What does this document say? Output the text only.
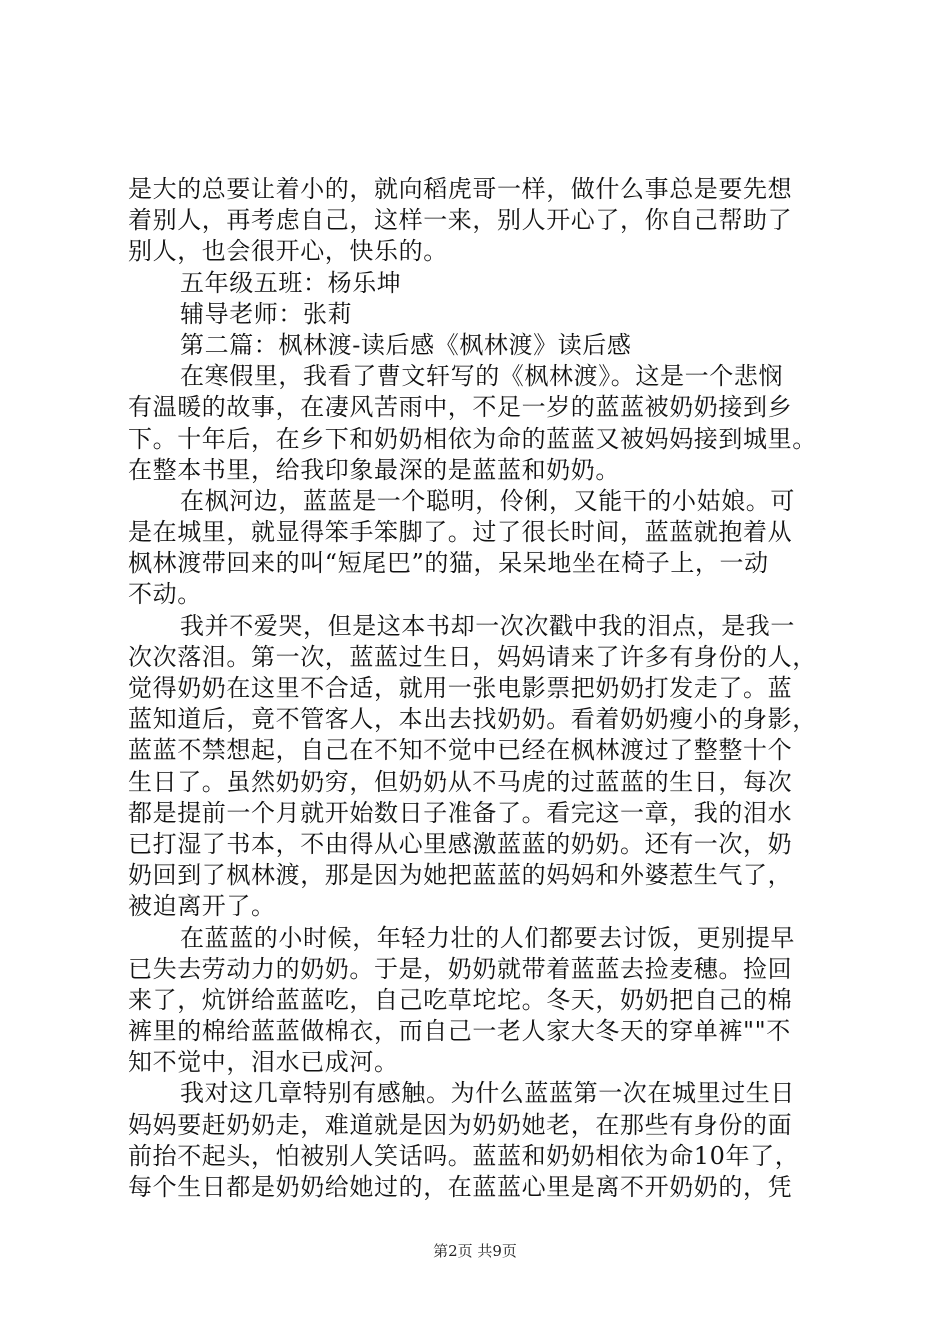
是大的总要让着小的，就向稻虎哥一样，做什么事总是要先想
着别人，再考虑自己，这样一来，别人开心了，你自己帮助了
别人，也会很开心，快乐的。
五年级五班：杨乐坤
辅导老师：张莉
第二篇：枫林渡-读后感《枫林渡》读后感
在寒假里，我看了曹文轩写的《枫林渡》。这是一个悲悯
有温暖的故事，在凄风苦雨中，不足一岁的蓝蓝被奶奶接到乡
下。十年后，在乡下和奶奶相依为命的蓝蓝又被妈妈接到城里。
在整本书里，给我印象最深的是蓝蓝和奶奶。
在枫河边，蓝蓝是一个聪明，伶俐，又能干的小姑娘。可
是在城里，就显得笨手笨脚了。过了很长时间，蓝蓝就抱着从
枫林渡带回来的叫“短尾巴”的猫，呆呆地坐在椅子上，一动
不动。
我并不爱哭，但是这本书却一次次戳中我的泪点，是我一
次次落泪。第一次，蓝蓝过生日，妈妈请来了许多有身份的人，
觉得奶奶在这里不合适，就用一张电影票把奶奶打发走了。蓝
蓝知道后，竟不管客人，本出去找奶奶。看着奶奶瘦小的身影，
蓝蓝不禁想起，自己在不知不觉中已经在枫林渡过了整整十个
生日了。虽然奶奶穷，但奶奶从不马虎的过蓝蓝的生日，每次
都是提前一个月就开始数日子准备了。看完这一章，我的泪水
已打湿了书本，不由得从心里感激蓝蓝的奶奶。还有一次，奶
奶回到了枫林渡，那是因为她把蓝蓝的妈妈和外婆惹生气了，
被迫离开了。
在蓝蓝的小时候，年轻力壮的人们都要去讨饭，更别提早
已失去劳动力的奶奶。于是，奶奶就带着蓝蓝去捡麦穗。捡回
来了，炕饼给蓝蓝吃，自己吃草坨坨。冬天，奶奶把自己的棉
裤里的棉给蓝蓝做棉衣，而自己一老人家大冬天的穿单裤""不
知不觉中，泪水已成河。
我对这几章特别有感触。为什么蓝蓝第一次在城里过生日
妈妈要赶奶奶走，难道就是因为奶奶她老，在那些有身份的面
前抬不起头，怕被别人笑话吗。蓝蓝和奶奶相依为命10年了，
每个生日都是奶奶给她过的，在蓝蓝心里是离不开奶奶的，凭
第2页 共9页
